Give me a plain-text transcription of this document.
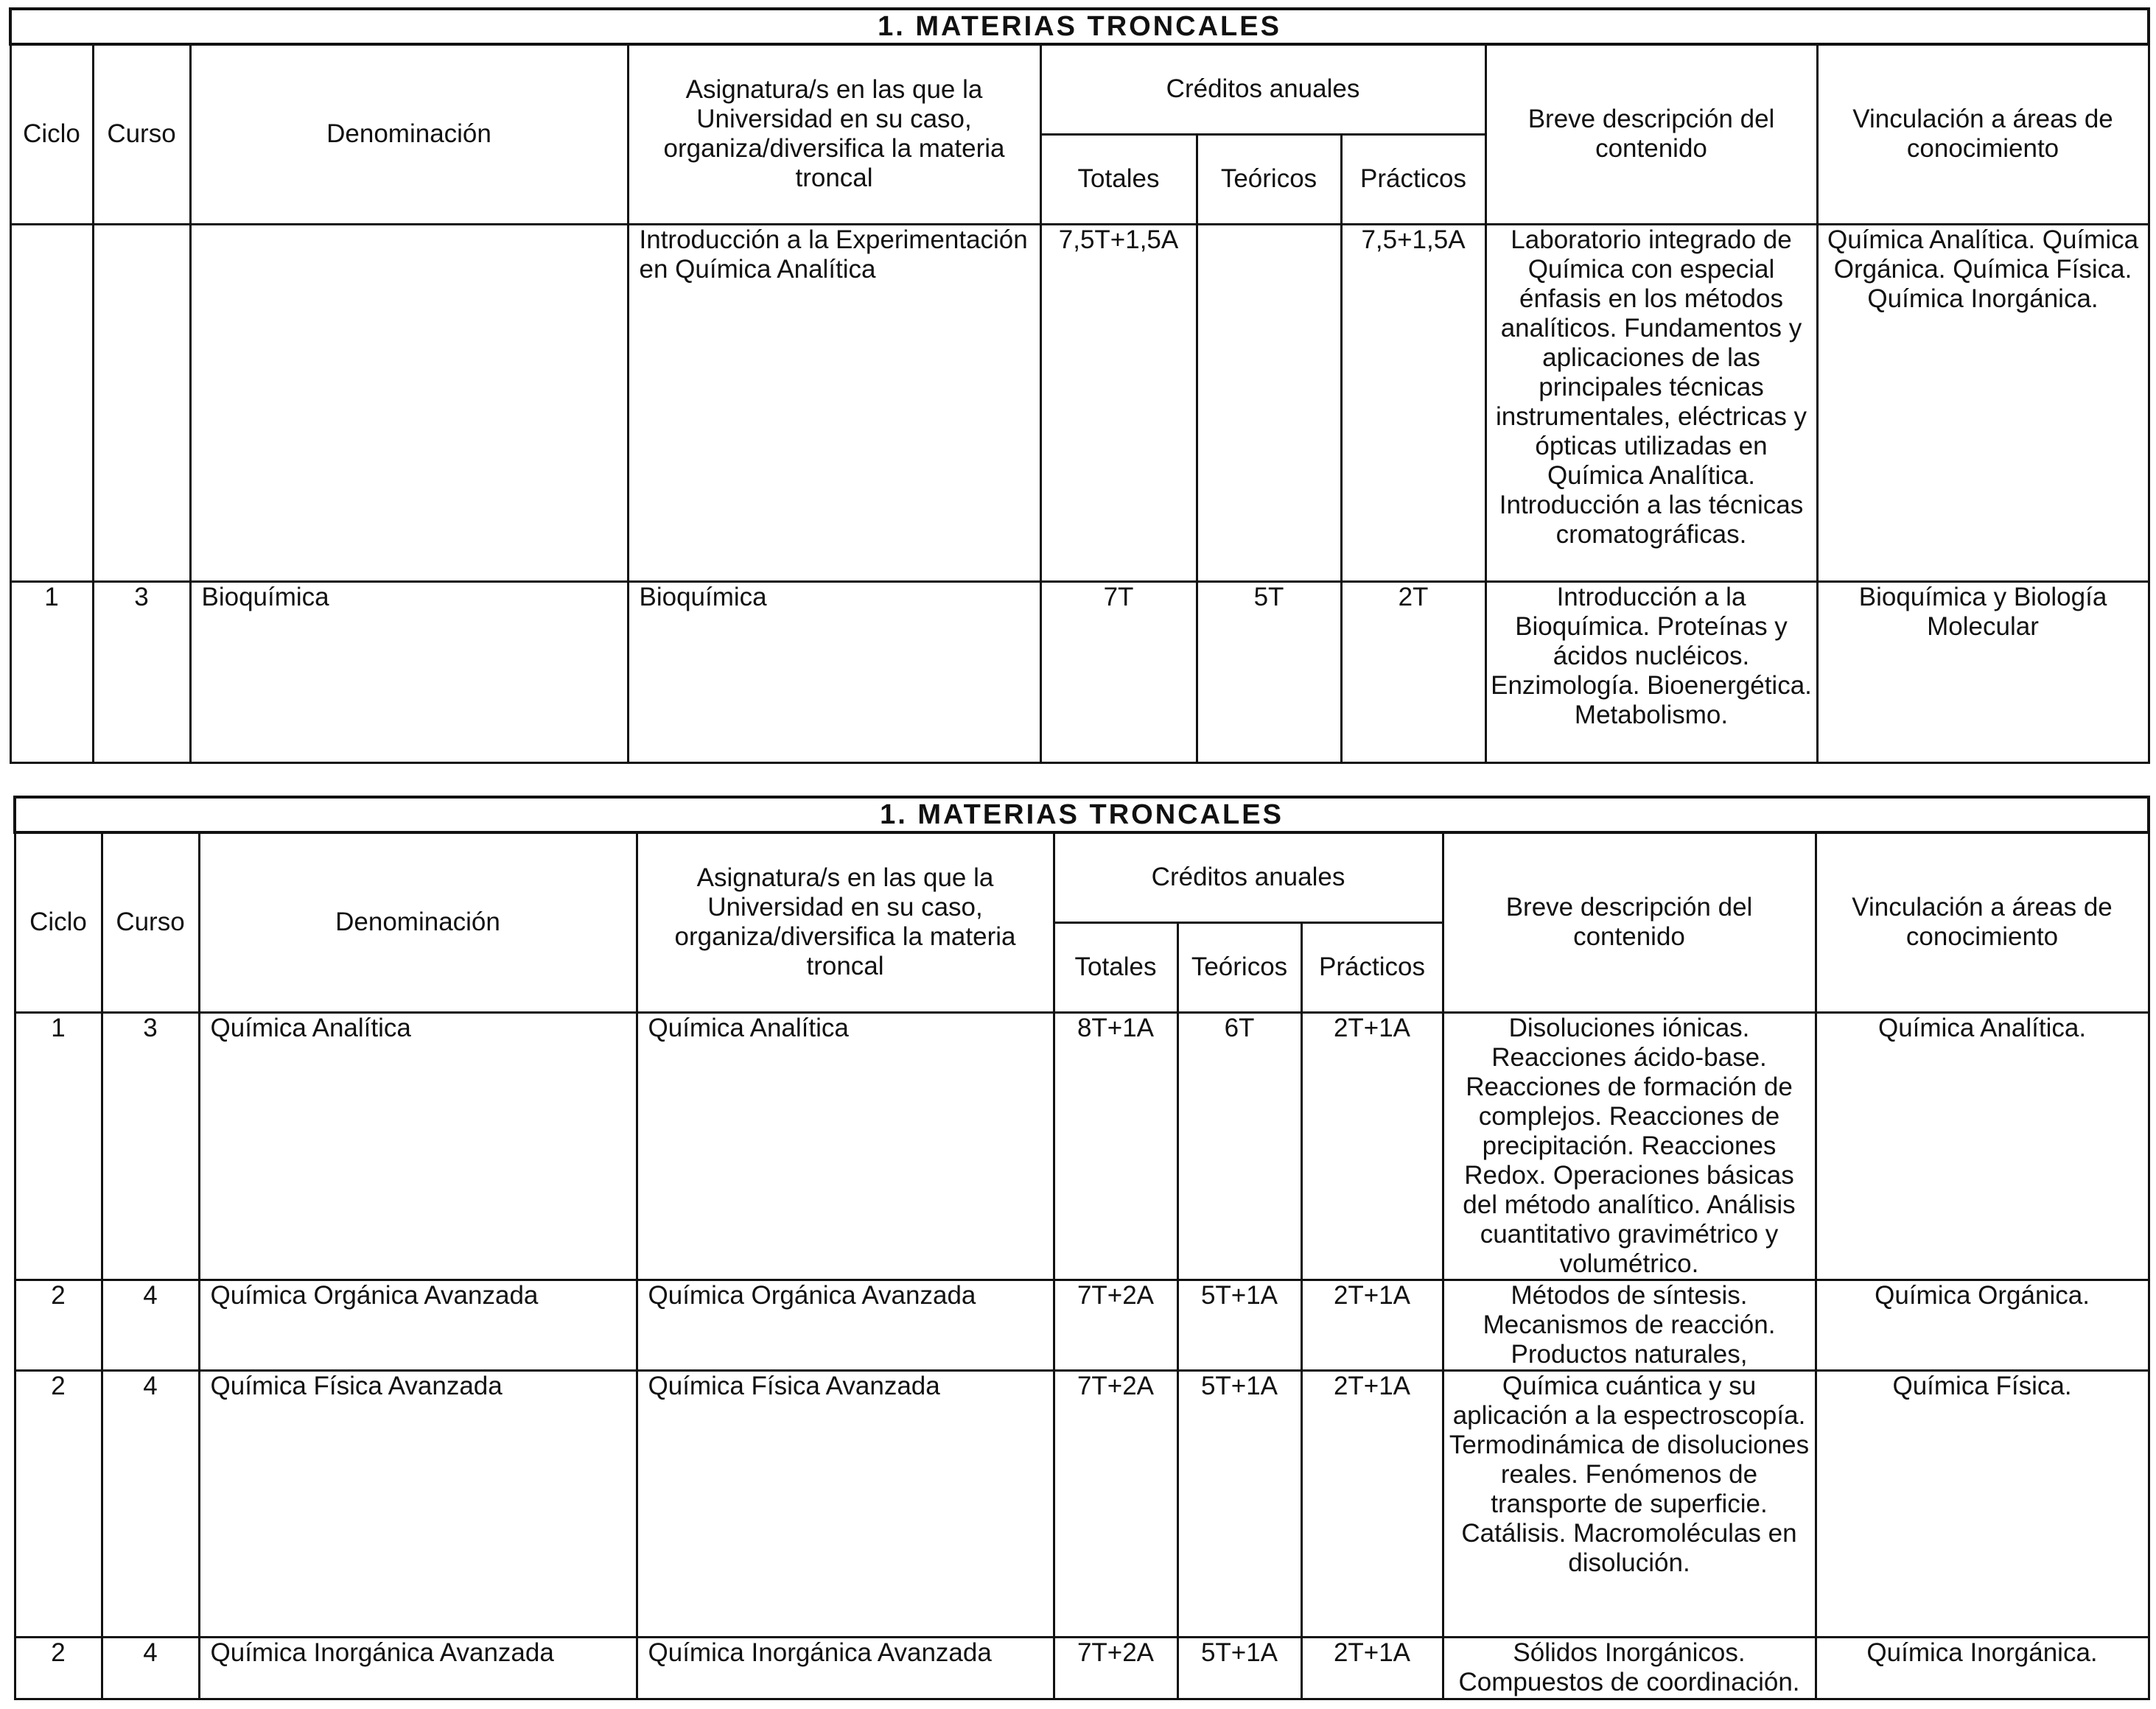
1. MATERIAS TRONCALES								
Ciclo	Curso	Denominación	Asignatura/s en las que la Universidad en su caso, organiza/diversifica la materia troncal	Créditos anuales			Breve descripción del contenido	Vinculación a áreas de conocimiento
				Totales	Teóricos	Prácticos		
			Introducción a la Experimentación en Química Analítica	7,5T+1,5A		7,5+1,5A	Laboratorio integrado de Química con especial énfasis en los métodos analíticos. Fundamentos y aplicaciones de las principales técnicas instrumentales, eléctricas y ópticas utilizadas en Química Analítica. Introducción a las técnicas cromatográficas.	Química Analítica. Química Orgánica. Química Física. Química Inorgánica.
1	3	Bioquímica	Bioquímica	7T	5T	2T	Introducción a la Bioquímica. Proteínas y ácidos nucléicos. Enzimología. Bioenergética. Metabolismo.	Bioquímica y Biología Molecular
1. MATERIAS TRONCALES								
Ciclo	Curso	Denominación	Asignatura/s en las que la Universidad en su caso, organiza/diversifica la materia troncal	Créditos anuales			Breve descripción del contenido	Vinculación a áreas de conocimiento
				Totales	Teóricos	Prácticos		
1	3	Química Analítica	Química Analítica	8T+1A	6T	2T+1A	Disoluciones iónicas. Reacciones ácido-base. Reacciones de formación de complejos. Reacciones de precipitación. Reacciones Redox. Operaciones básicas del método analítico. Análisis cuantitativo gravimétrico y volumétrico.	Química Analítica.
2	4	Química Orgánica Avanzada	Química Orgánica Avanzada	7T+2A	5T+1A	2T+1A	Métodos de síntesis. Mecanismos de reacción. Productos naturales,	Química Orgánica.
2	4	Química Física Avanzada	Química Física Avanzada	7T+2A	5T+1A	2T+1A	Química cuántica y su aplicación a la espectroscopía. Termodinámica de disoluciones reales. Fenómenos de transporte de superficie. Catálisis. Macromoléculas en disolución.	Química Física.
2	4	Química Inorgánica Avanzada	Química Inorgánica Avanzada	7T+2A	5T+1A	2T+1A	Sólidos Inorgánicos. Compuestos de coordinación.	Química Inorgánica.
